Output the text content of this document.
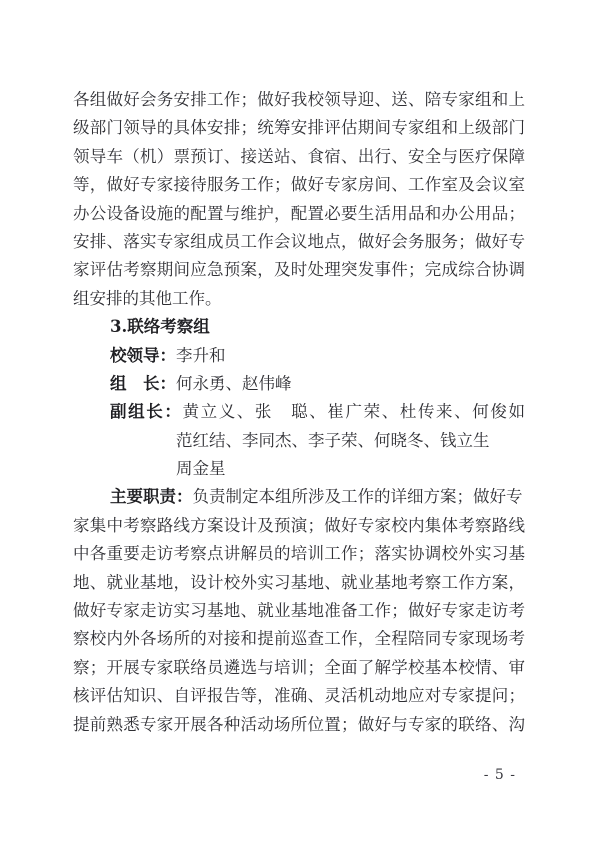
各组做好会务安排工作；做好我校领导迎、送、陪专家组和上
级部门领导的具体安排；统筹安排评估期间专家组和上级部门
领导车（机）票预订、接送站、食宿、出行、安全与医疗保障
等，做好专家接待服务工作；做好专家房间、工作室及会议室
办公设备设施的配置与维护，配置必要生活用品和办公用品；
安排、落实专家组成员工作会议地点，做好会务服务；做好专
家评估考察期间应急预案，及时处理突发事件；完成综合协调
组安排的其他工作。
3.联络考察组
校领导：李升和
组　长：何永勇、赵伟峰
副组长：黄立义、张　聪、崔广荣、杜传来、何俊如
范红结、李同杰、李子荣、何晓冬、钱立生
周金星
主要职责：负责制定本组所涉及工作的详细方案；做好专
家集中考察路线方案设计及预演；做好专家校内集体考察路线
中各重要走访考察点讲解员的培训工作；落实协调校外实习基
地、就业基地，设计校外实习基地、就业基地考察工作方案，
做好专家走访实习基地、就业基地准备工作；做好专家走访考
察校内外各场所的对接和提前巡查工作，全程陪同专家现场考
察；开展专家联络员遴选与培训；全面了解学校基本校情、审
核评估知识、自评报告等，准确、灵活机动地应对专家提问；
提前熟悉专家开展各种活动场所位置；做好与专家的联络、沟
- 5 -
